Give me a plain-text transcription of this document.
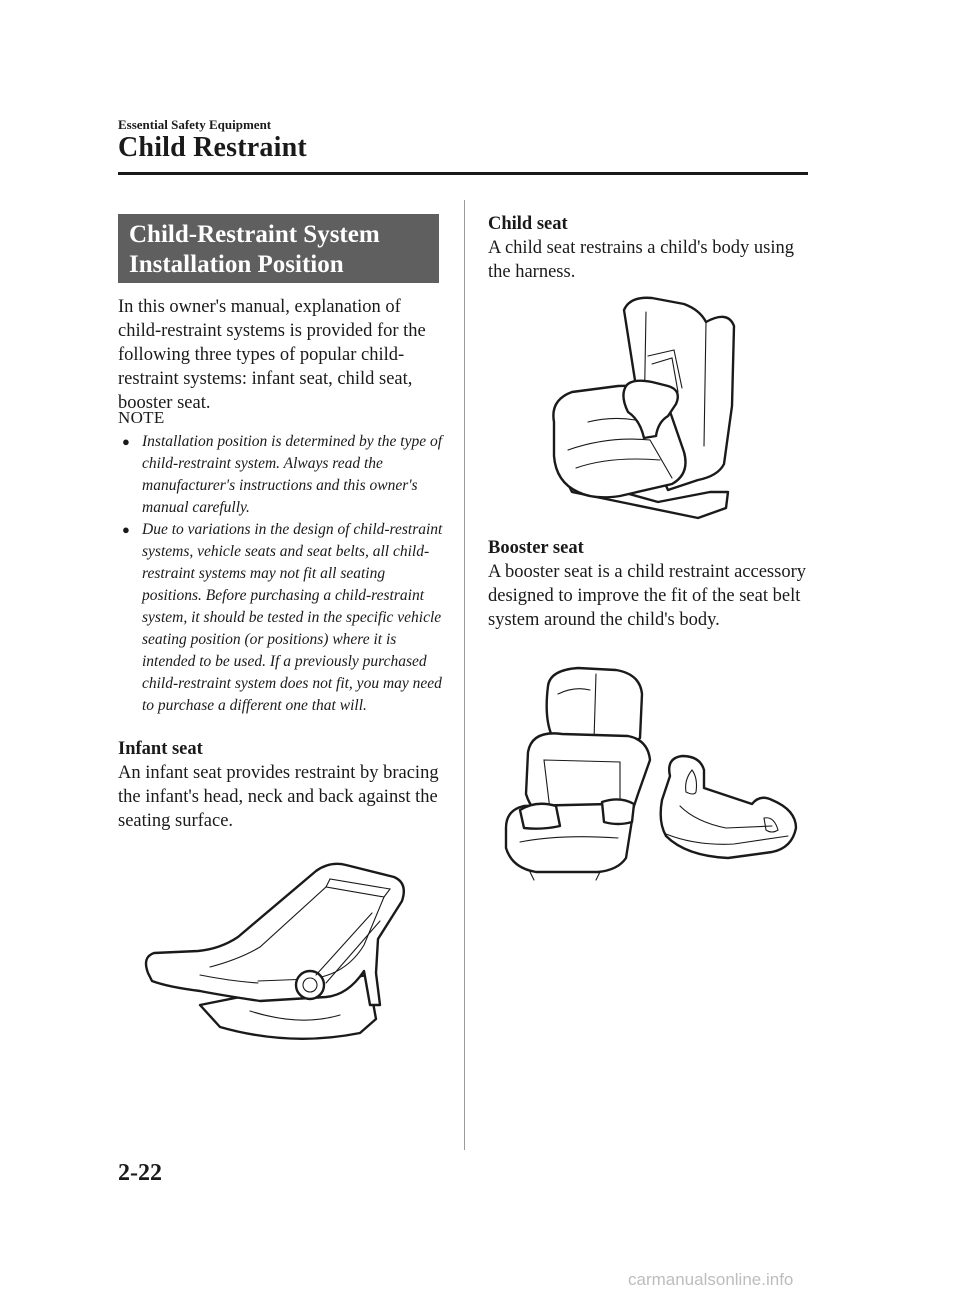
Essential Safety Equipment
Child Restraint
Child-Restraint System
Installation Position
In this owner's manual, explanation of child-restraint systems is provided for the following three types of popular child-restraint systems: infant seat, child seat, booster seat.
NOTE
● Installation position is determined by the type of child-restraint system. Always read the manufacturer's instructions and this owner's manual carefully.
● Due to variations in the design of child-restraint systems, vehicle seats and seat belts, all child-restraint systems may not fit all seating positions. Before purchasing a child-restraint system, it should be tested in the specific vehicle seating position (or positions) where it is intended to be used. If a previously purchased child-restraint system does not fit, you may need to purchase a different one that will.
Infant seat
An infant seat provides restraint by bracing the infant's head, neck and back against the seating surface.
Child seat
A child seat restrains a child's body using the harness.
Booster seat
A booster seat is a child restraint accessory designed to improve the fit of the seat belt system around the child's body.
2-22
carmanualsonline.info
